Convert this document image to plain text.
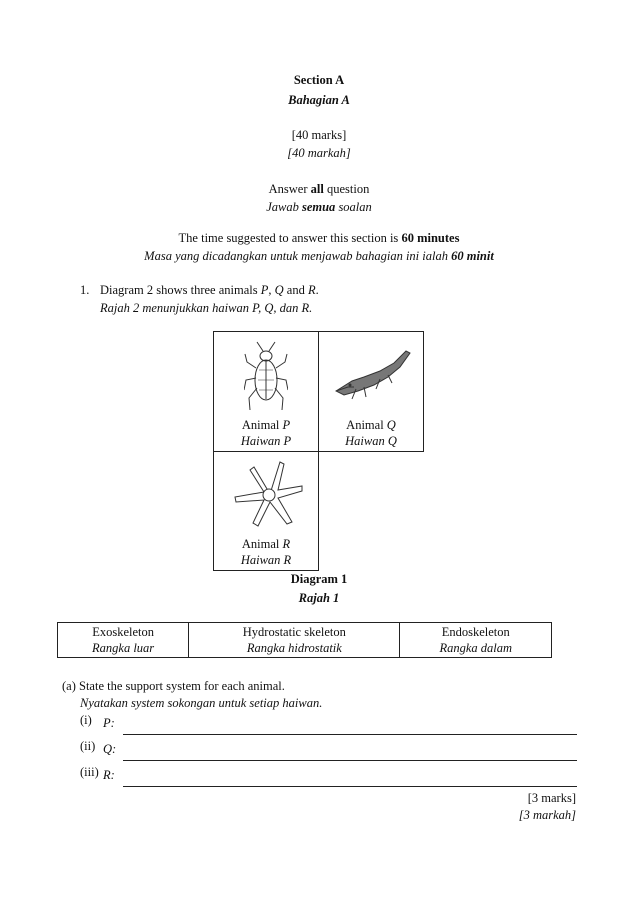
Section A
Bahagian A
[40 marks]
[40 markah]
Answer all question
Jawab semua soalan
The time suggested to answer this section is 60 minutes
Masa yang dicadangkan untuk menjawab bahagian ini ialah 60 minit
1. Diagram 2 shows three animals P, Q and R.
Rajah 2 menunjukkan haiwan P, Q, dan R.
Animal P
Haiwan P
Animal Q
Haiwan Q
Animal R
Haiwan R
Diagram 1
Rajah 1
Exoskeleton
Rangka luar

Hydrostatic skeleton
Rangka hidrostatik

Endoskeleton
Rangka dalam
(a) State the support system for each animal.
Nyatakan system sokongan untuk setiap haiwan.
(i) P:
(ii) Q:
(iii) R:
[3 marks]
[3 markah]
